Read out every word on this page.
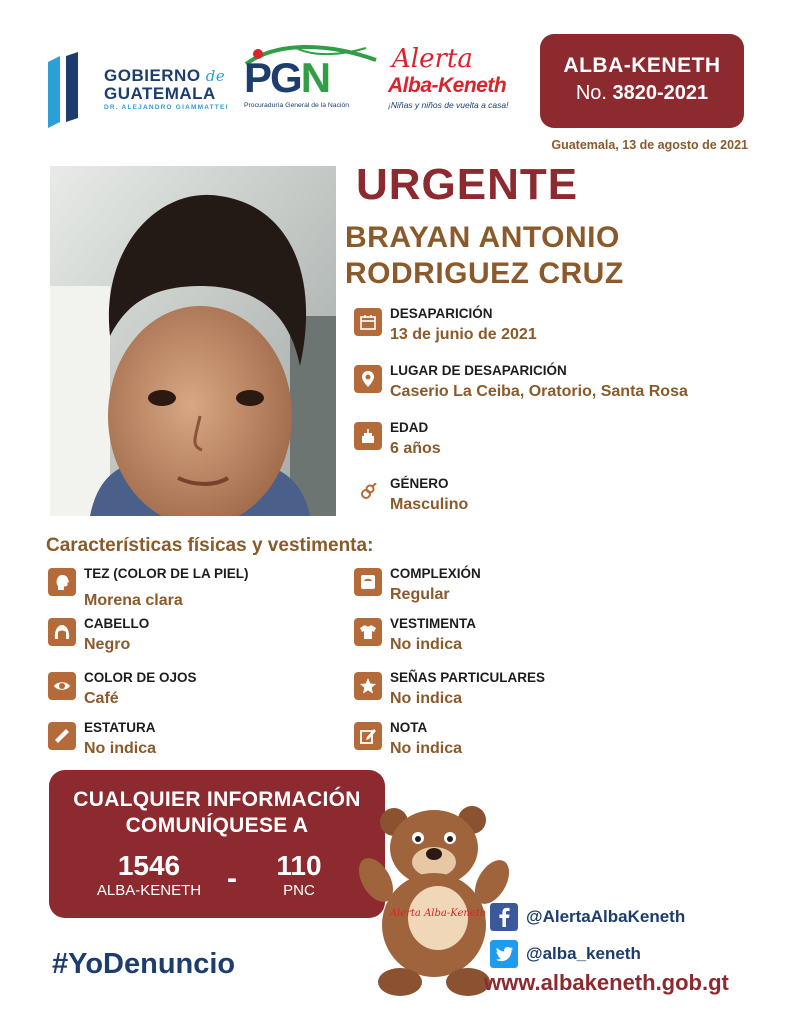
GOBIERNO de
GUATEMALA
DR. ALEJANDRO GIAMMATTEI
PGN
Procuraduría General de la Nación
Alerta
Alba-Keneth
¡Niñas y niños de vuelta a casa!
ALBA-KENETH
No. 3820-2021
Guatemala, 13 de agosto de 2021
URGENTE
BRAYAN ANTONIO
RODRIGUEZ CRUZ
DESAPARICIÓN
13 de junio de 2021
LUGAR DE DESAPARICIÓN
Caserio La Ceiba, Oratorio, Santa Rosa
EDAD
6 años
GÉNERO
Masculino
Características físicas y vestimenta:
TEZ (COLOR DE LA PIEL)
Morena clara
CABELLO
Negro
COLOR DE OJOS
Café
ESTATURA
No indica
COMPLEXIÓN
Regular
VESTIMENTA
No indica
SEÑAS PARTICULARES
No indica
NOTA
No indica
CUALQUIER INFORMACIÓN
COMUNÍQUESE A
1546
ALBA-KENETH -	110
PNC
Alerta Alba-Keneth @AlertaAlbaKeneth
@alba_keneth
www.albakeneth.gob.gt
#YoDenuncio
